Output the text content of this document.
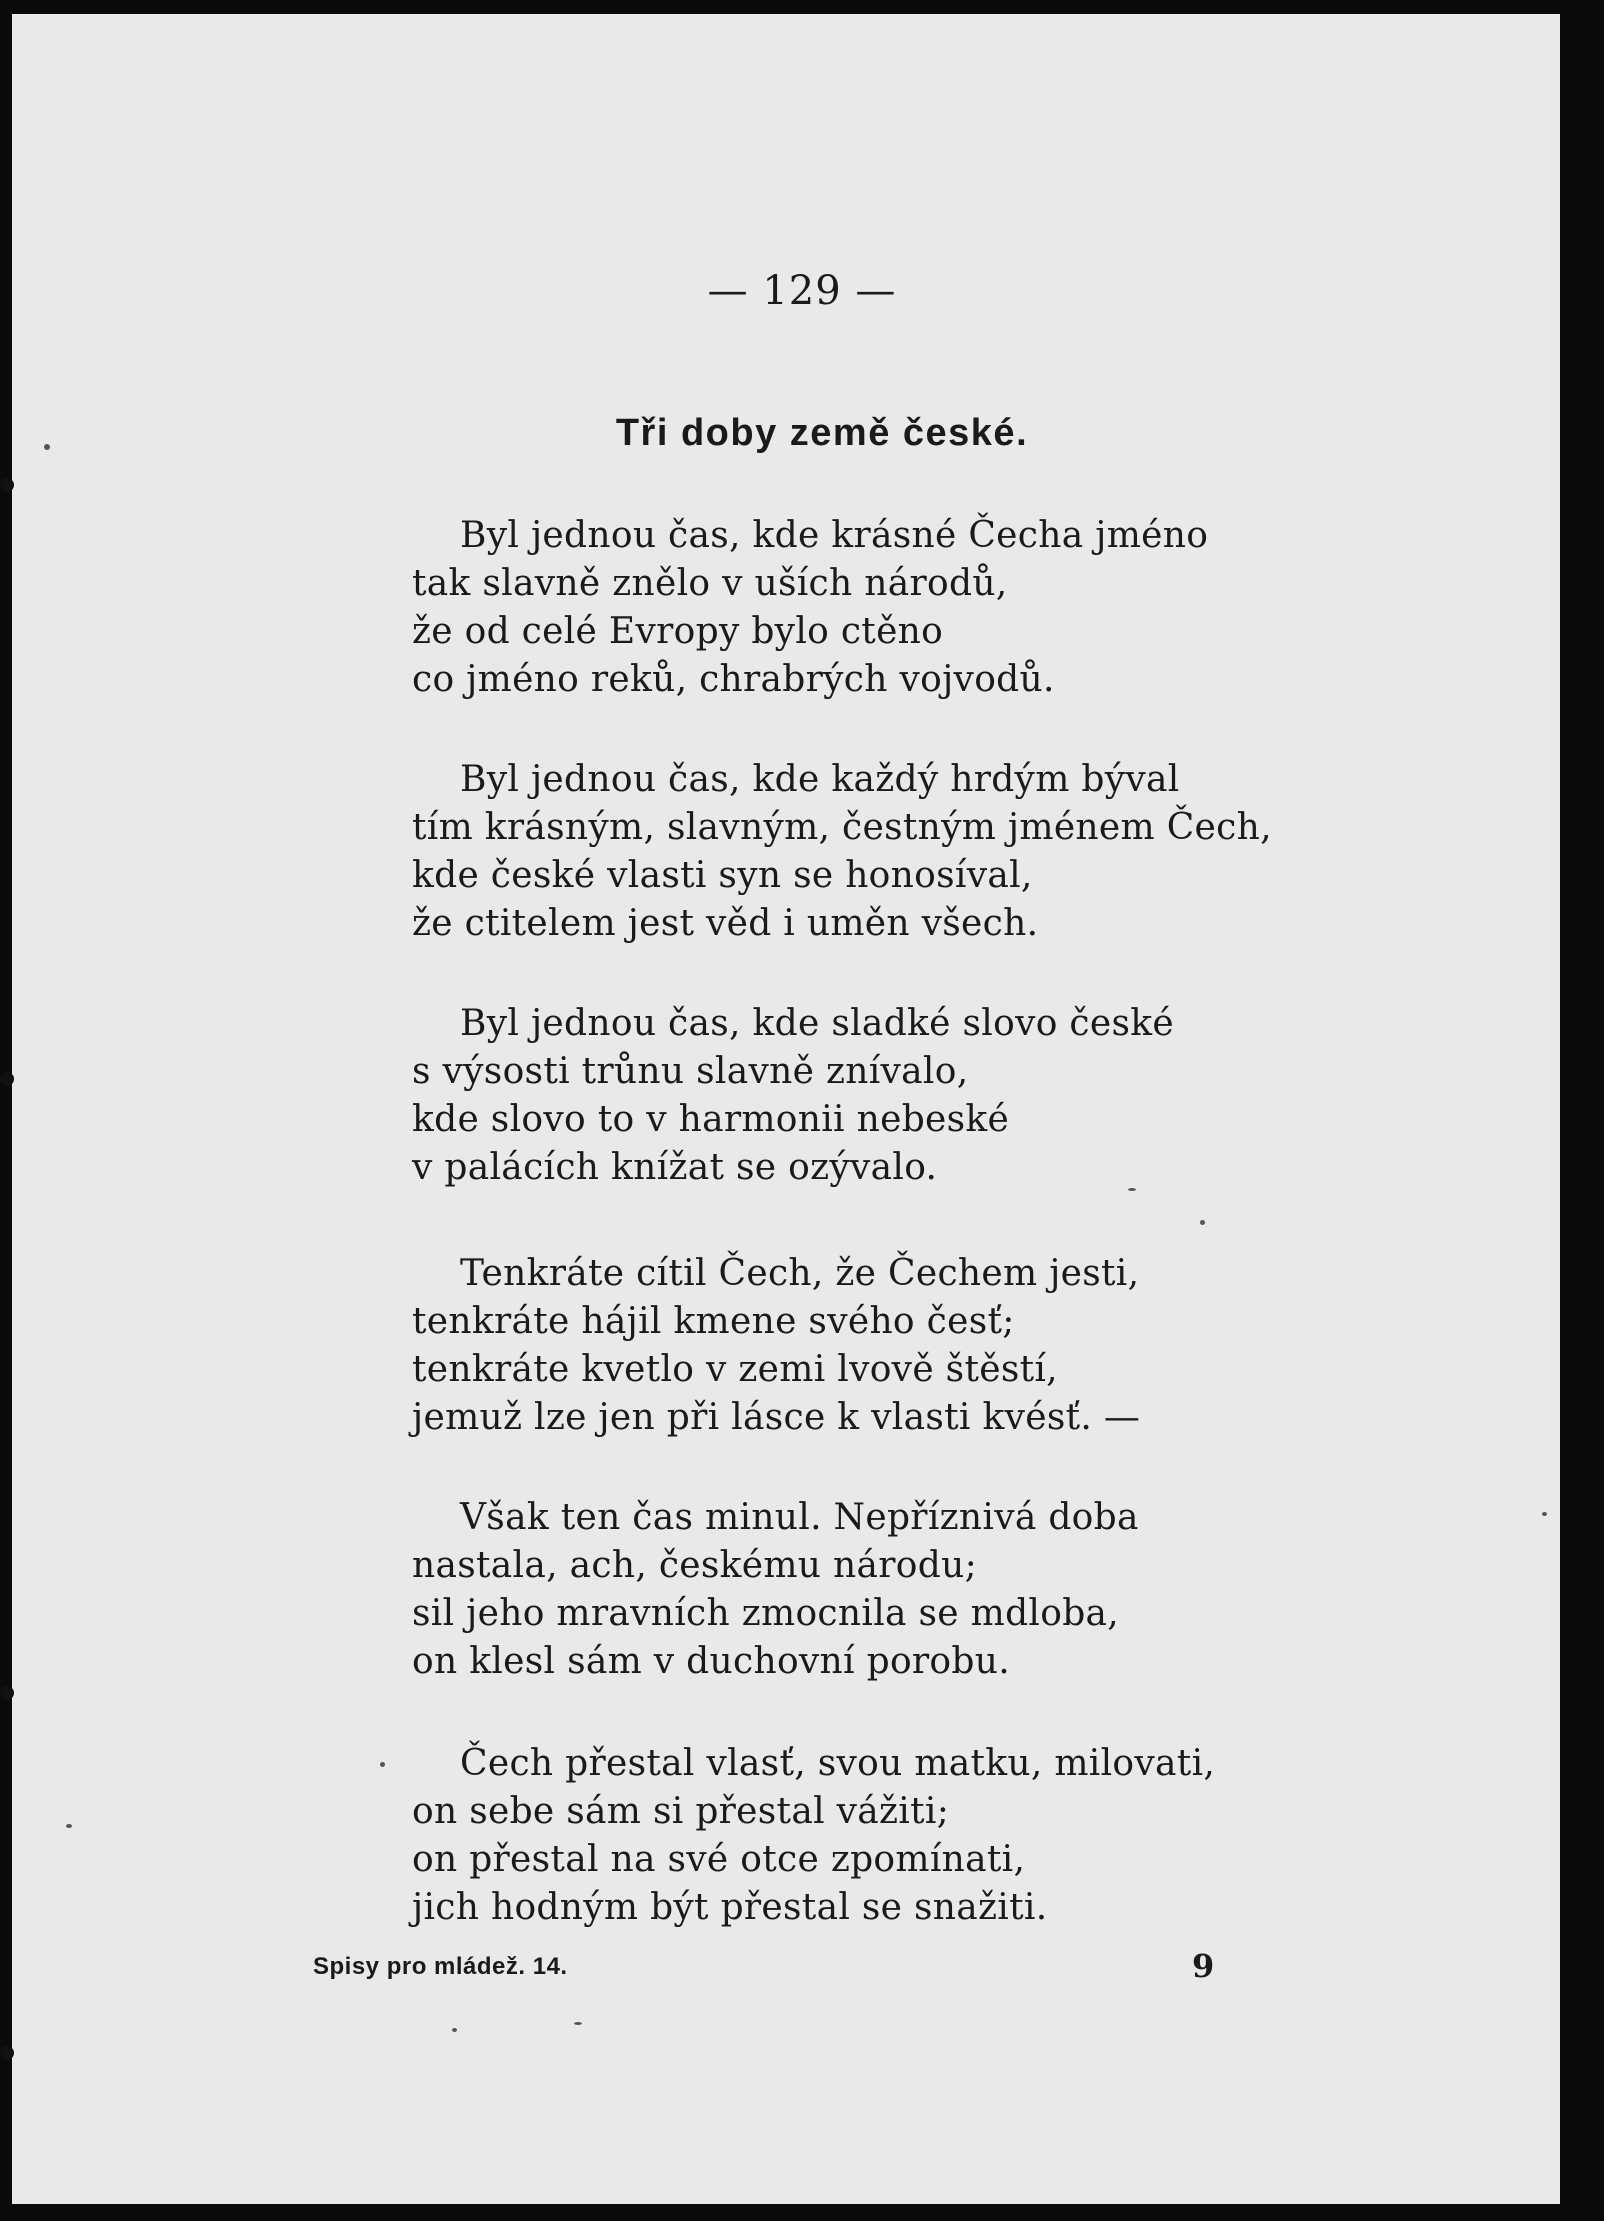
— 129 —
Tři doby země české.
Byl jednou čas, kde krásné Čecha jméno
tak slavně znělo v uších národů,
že od celé Evropy bylo ctěno
co jméno reků, chrabrých vojvodů.
Byl jednou čas, kde každý hrdým býval
tím krásným, slavným, čestným jménem Čech,
kde české vlasti syn se honosíval,
že ctitelem jest věd i uměn všech.
Byl jednou čas, kde sladké slovo české
s výsosti trůnu slavně znívalo,
kde slovo to v harmonii nebeské
v palácích knížat se ozývalo.
Tenkráte cítil Čech, že Čechem jesti,
tenkráte hájil kmene svého česť;
tenkráte kvetlo v zemi lvově štěstí,
jemuž lze jen při lásce k vlasti kvésť. —
Však ten čas minul. Nepříznivá doba
nastala, ach, českému národu;
sil jeho mravních zmocnila se mdloba,
on klesl sám v duchovní porobu.
Čech přestal vlasť, svou matku, milovati,
on sebe sám si přestal vážiti;
on přestal na své otce zpomínati,
jich hodným být přestal se snažiti.
Spisy pro mládež. 14.	9
